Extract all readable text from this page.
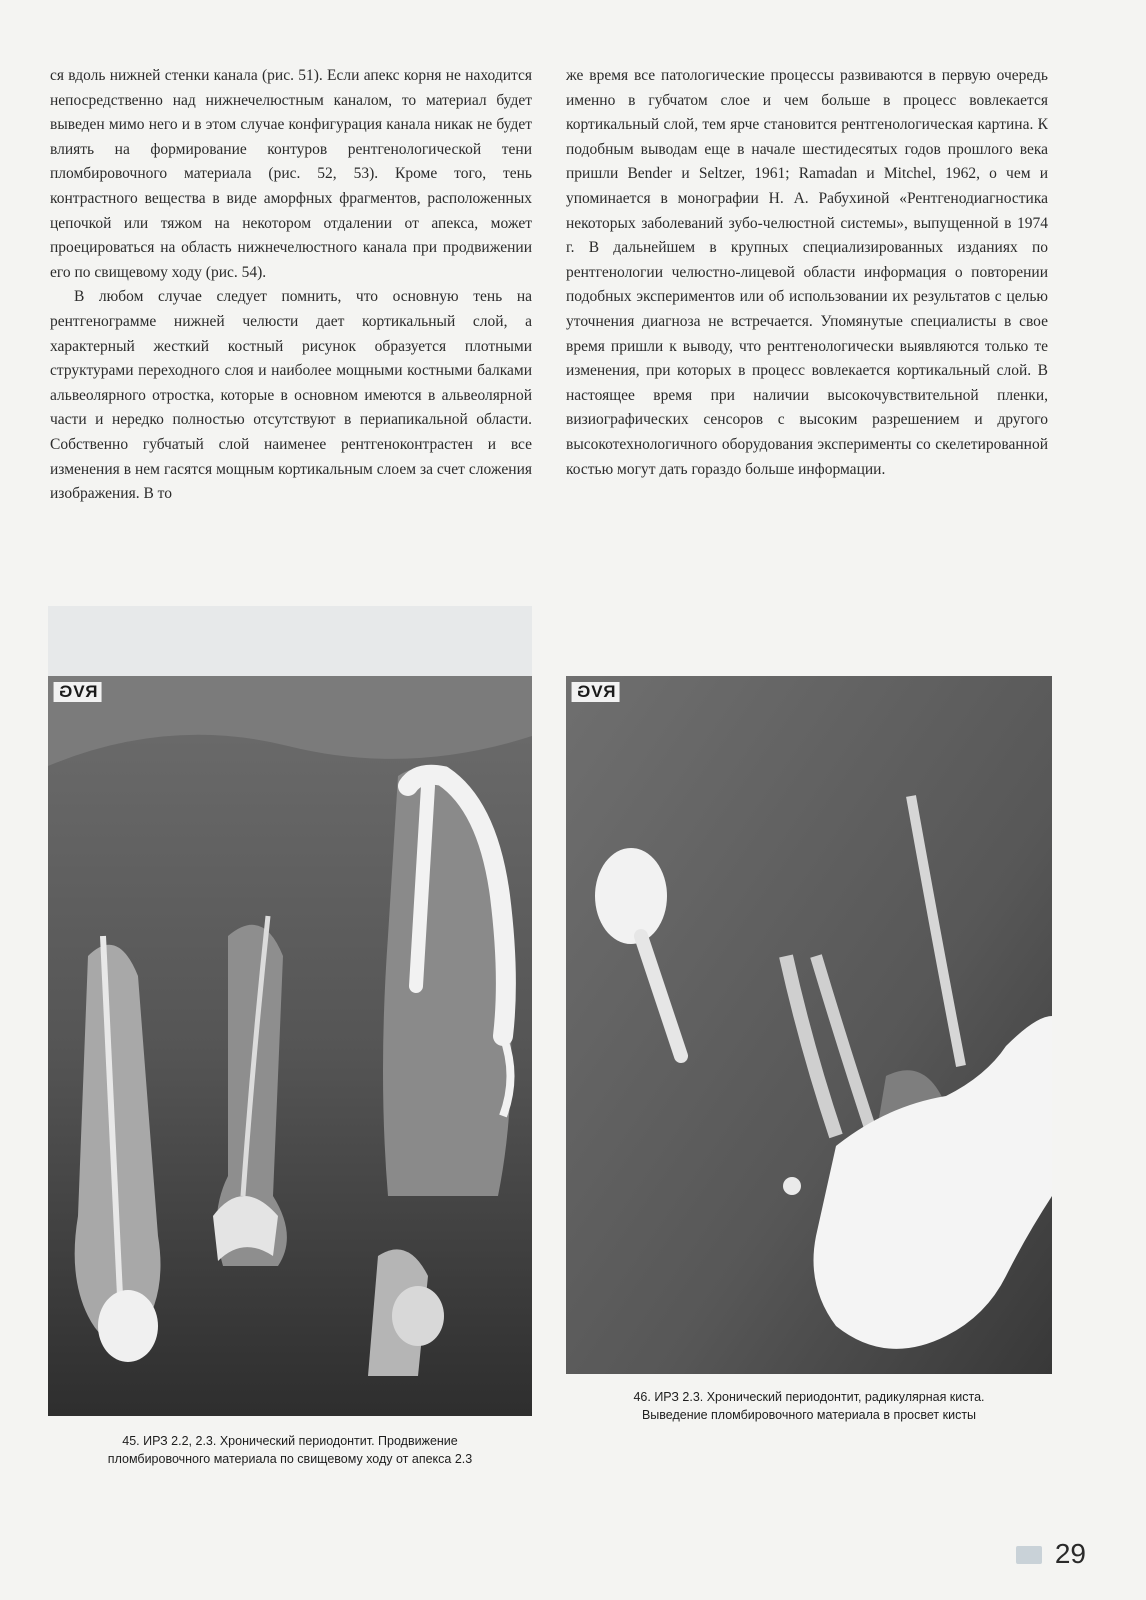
ся вдоль нижней стенки канала (рис. 51). Если апекс корня не находится непосредственно над нижнечелюстным каналом, то материал будет выведен мимо него и в этом случае конфигурация канала никак не будет влиять на формирование контуров рентгенологической тени пломбировочного материала (рис. 52, 53). Кроме того, тень контрастного вещества в виде аморфных фрагментов, расположенных цепочкой или тяжом на некотором отдалении от апекса, может проецироваться на область нижнечелюстного канала при продвижении его по свищевому ходу (рис. 54).

В любом случае следует помнить, что основную тень на рентгенограмме нижней челюсти дает кортикальный слой, а характерный жесткий костный рисунок образуется плотными структурами переходного слоя и наиболее мощными костными балками альвеолярного отростка, которые в основном имеются в альвеолярной части и нередко полностью отсутствуют в периапикальной области. Собственно губчатый слой наименее рентгеноконтрастен и все изменения в нем гасятся мощным кортикальным слоем за счет сложения изображения. В то

же время все патологические процессы развиваются в первую очередь именно в губчатом слое и чем больше в процесс вовлекается кортикальный слой, тем ярче становится рентгенологическая картина. К подобным выводам еще в начале шестидесятых годов прошлого века пришли Bender и Seltzer, 1961; Ramadan и Mitchel, 1962, о чем и упоминается в монографии Н. А. Рабухиной «Рентгенодиагностика некоторых заболеваний зубо-челюстной системы», выпущенной в 1974 г. В дальнейшем в крупных специализированных изданиях по рентгенологии челюстно-лицевой области информация о повторении подобных экспериментов или об использовании их результатов с целью уточнения диагноза не встречается. Упомянутые специалисты в свое время пришли к выводу, что рентгенологически выявляются только те изменения, при которых в процесс вовлекается кортикальный слой. В настоящее время при наличии высокочувствительной пленки, визиографических сенсоров с высоким разрешением и другого высокотехнологичного оборудования эксперименты со скелетированной костью могут дать гораздо больше информации.

RVG	RVG
45. ИРЗ 2.2, 2.3. Хронический периодонтит. Продвижение
пломбировочного материала по свищевому ходу от апекса 2.3
46. ИРЗ 2.3. Хронический периодонтит, радикулярная киста.
Выведение пломбировочного материала в просвет кисты
29
